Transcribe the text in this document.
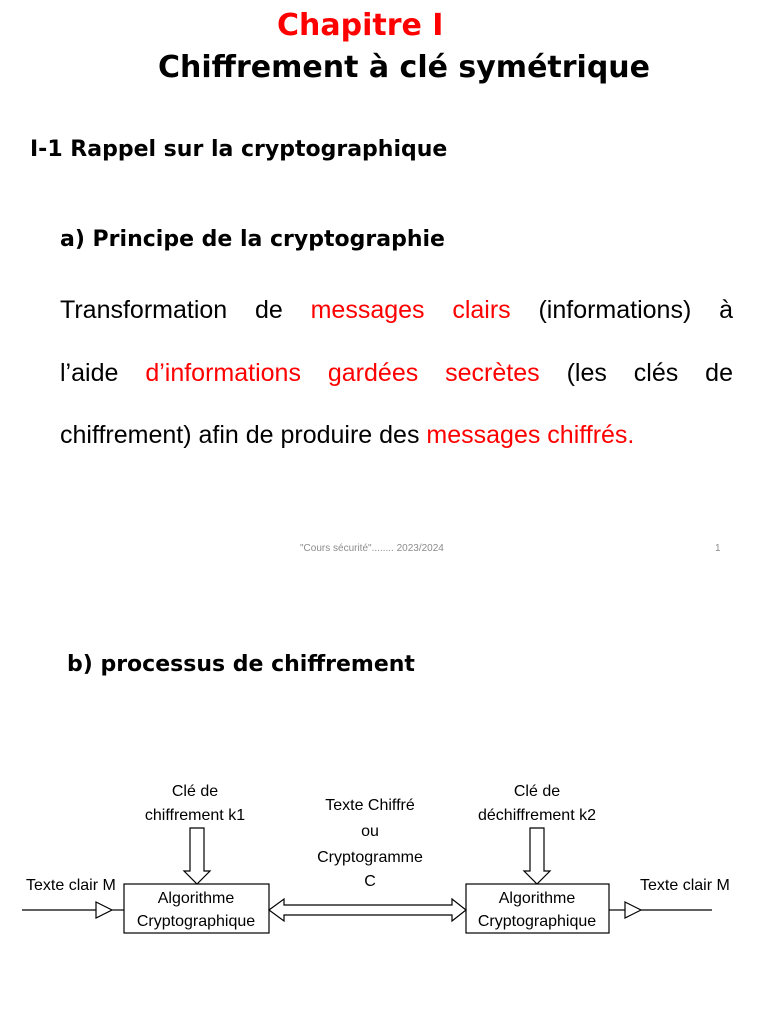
Chapitre I
Chiffrement à clé symétrique
I-1 Rappel sur la cryptographique
a) Principe de la cryptographie
Transformation de messages clairs (informations) à
l’aide d’informations gardées secrètes (les clés de
chiffrement) afin de produire des messages chiffrés.
"Cours sécurité"........ 2023/2024	1
b) processus de chiffrement
Texte clair M	Texte clair M
Clé de
chiffrement k1
Clé de
déchiffrement k2
Texte Chiffré
ou
Cryptogramme
C
Algorithme
Cryptographique
Algorithme
Cryptographique
